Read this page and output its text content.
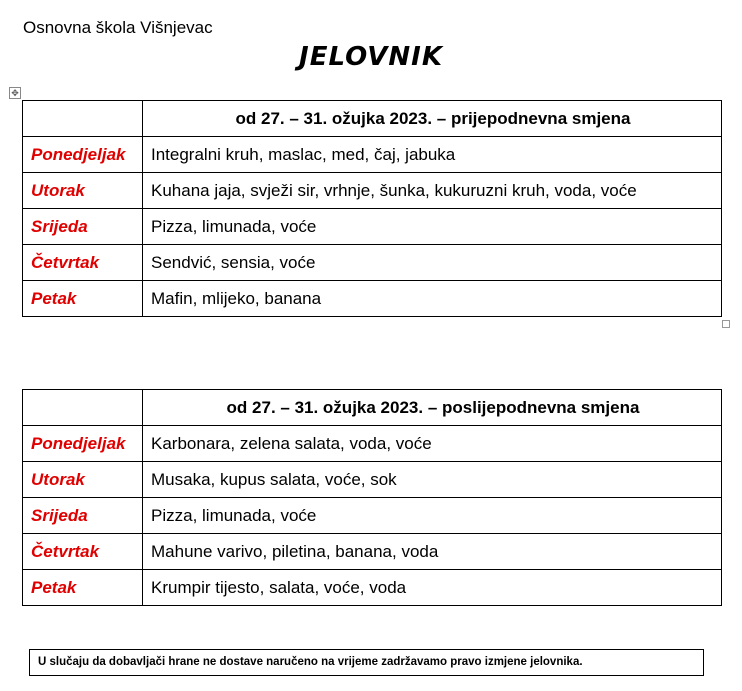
Osnovna škola Višnjevac
JELOVNIK
✥
	od 27. – 31. ožujka 2023. – prijepodnevna smjena
Ponedjeljak	Integralni kruh, maslac, med, čaj, jabuka
Utorak	Kuhana jaja, svježi sir, vrhnje, šunka, kukuruzni kruh, voda, voće
Srijeda	Pizza, limunada, voće
Četvrtak	Sendvić, sensia, voće
Petak	Mafin, mlijeko, banana
	od 27. – 31. ožujka 2023. – poslijepodnevna smjena
Ponedjeljak	Karbonara, zelena salata, voda, voće
Utorak	Musaka, kupus salata, voće, sok
Srijeda	Pizza, limunada, voće
Četvrtak	Mahune varivo, piletina, banana, voda
Petak	Krumpir tijesto, salata, voće, voda
U slučaju da dobavljači hrane ne dostave naručeno na vrijeme zadržavamo pravo izmjene jelovnika.
